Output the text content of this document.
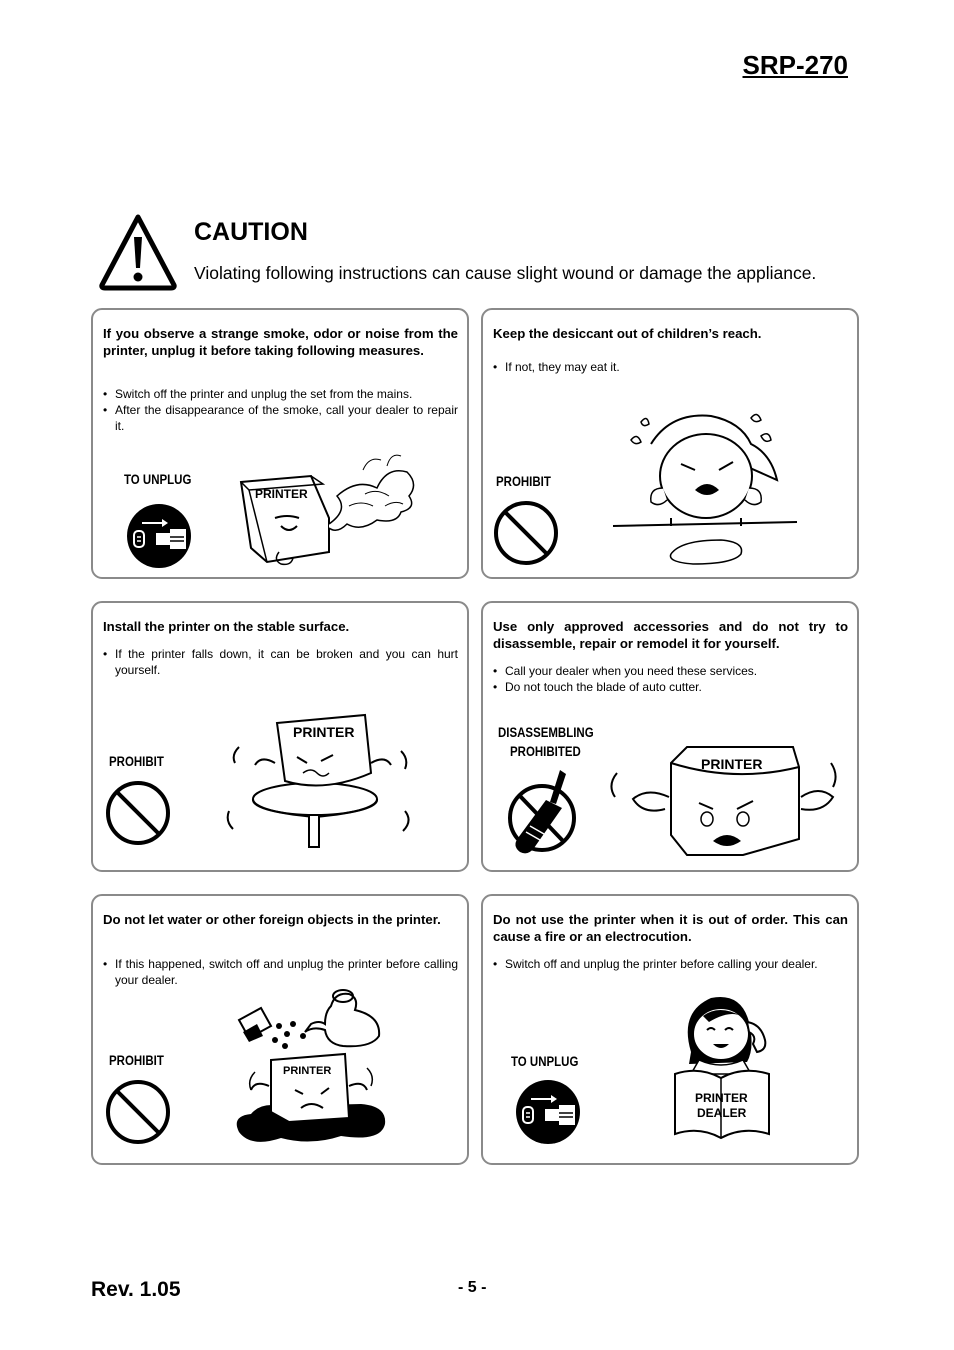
SRP-270
CAUTION
Violating following instructions can cause slight wound or damage the appliance.
If you observe a strange smoke, odor or noise from the printer, unplug it before taking following measures.
• Switch off the printer and unplug the set from the mains.
• After the disappearance of the smoke, call your dealer to repair it.
TO UNPLUG
PRINTER
Keep the desiccant out of children’s reach.
• If not, they may eat it.
PROHIBIT
Install the printer on the stable surface.
• If the printer falls down, it can be broken and you can hurt yourself.
PROHIBIT
PRINTER
Use only approved accessories and do not try to disassemble, repair or remodel it for yourself.
• Call your dealer when you need these services.
• Do not touch the blade of auto cutter.
DISASSEMBLING
PROHIBITED
PRINTER
Do not let water or other foreign objects in the printer.
• If this happened, switch off and unplug the printer before calling your dealer.
PROHIBIT
PRINTER
Do not use the printer when it is out of order. This can cause a fire or an electrocution.
• Switch off and unplug the printer before calling your dealer.
TO UNPLUG
PRINTER
DEALER
Rev. 1.05	- 5 -
